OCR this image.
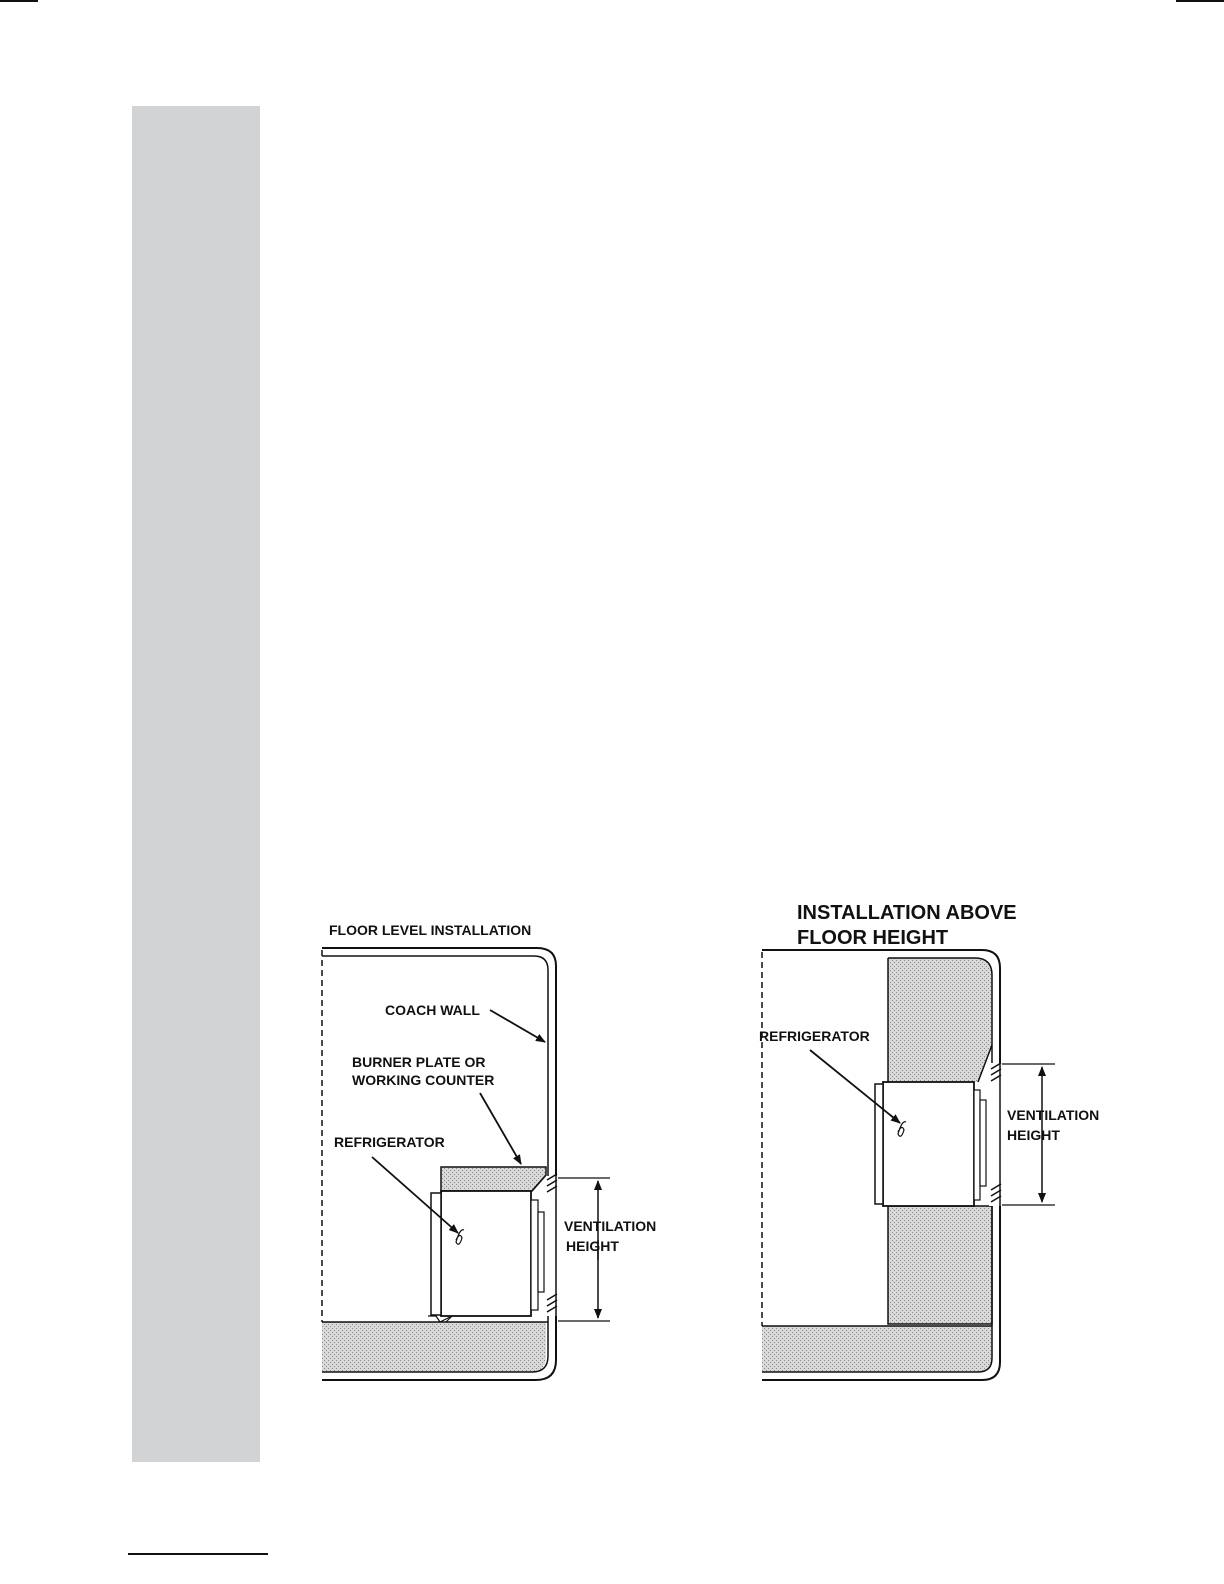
FLOOR LEVEL INSTALLATION
COACH WALL
BURNER PLATE OR
WORKING COUNTER
REFRIGERATOR
VENTILATION
HEIGHT
INSTALLATION ABOVE
FLOOR HEIGHT
REFRIGERATOR
VENTILATION
HEIGHT
